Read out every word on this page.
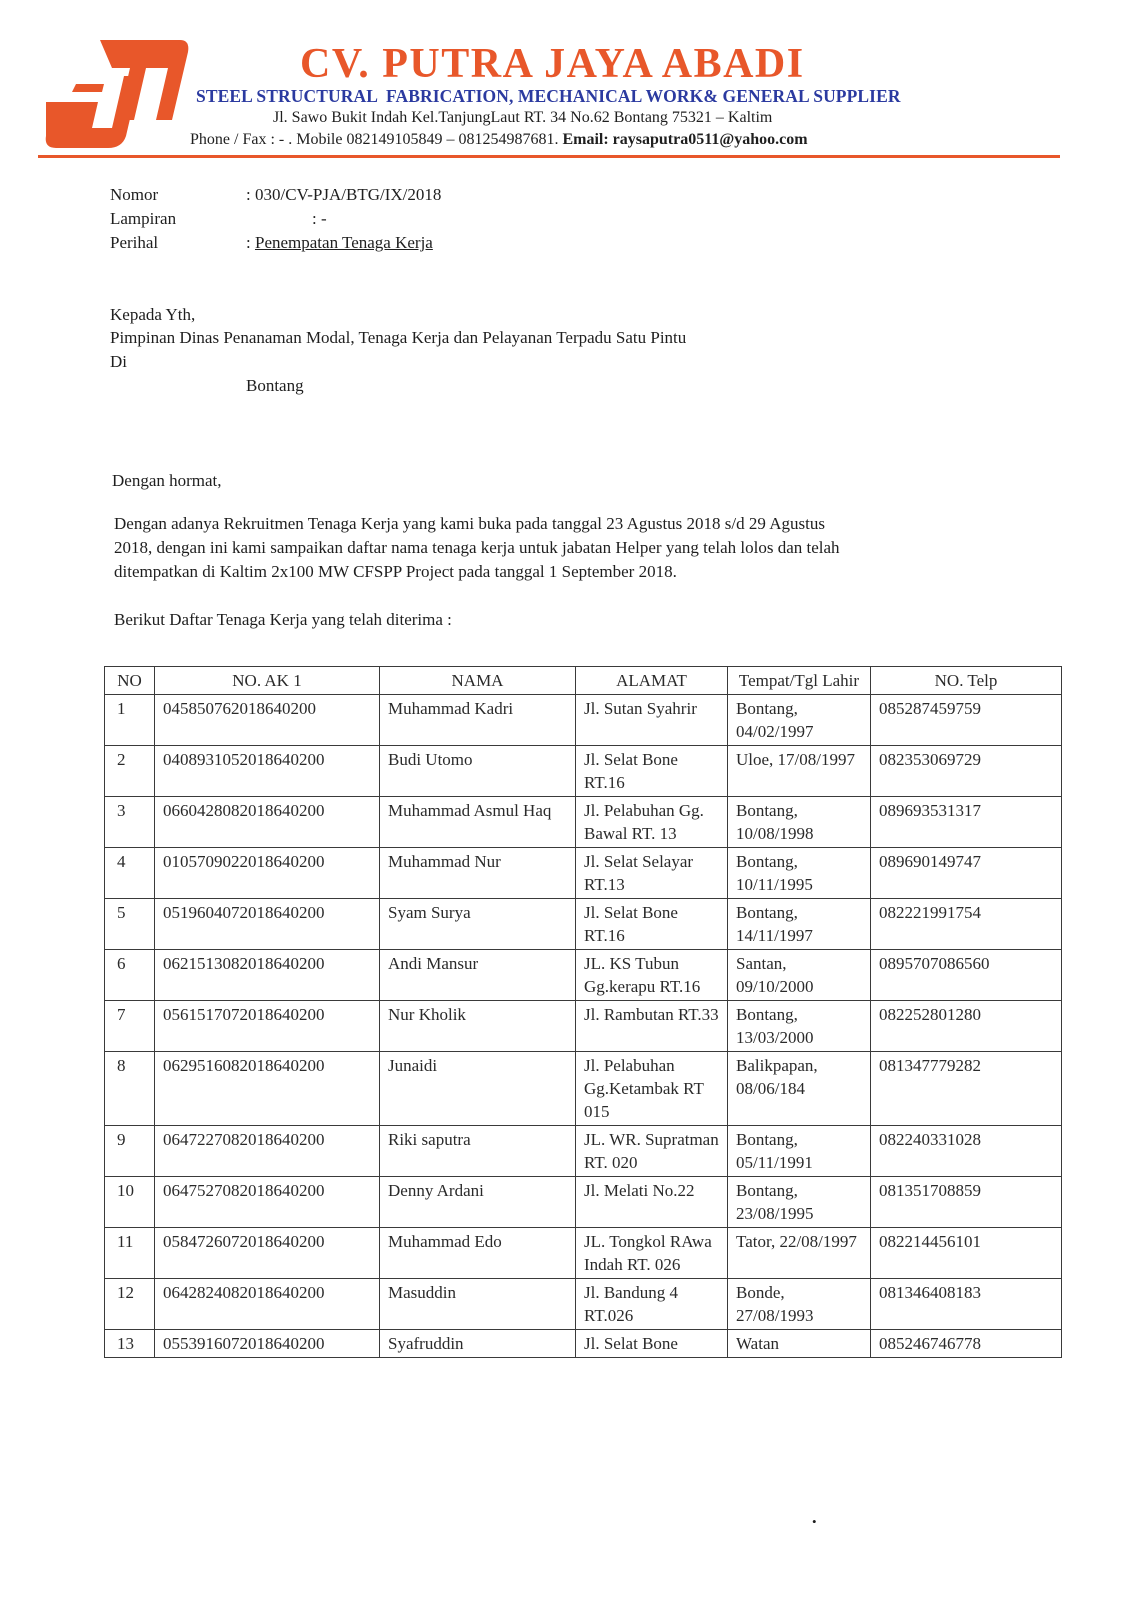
CV. PUTRA JAYA ABADI
STEEL STRUCTURAL  FABRICATION, MECHANICAL WORK& GENERAL SUPPLIER
Jl. Sawo Bukit Indah Kel.TanjungLaut RT. 34 No.62 Bontang 75321 – Kaltim
Phone / Fax : - . Mobile 082149105849 – 081254987681. Email: raysaputra0511@yahoo.com
Nomor	: 030/CV-PJA/BTG/IX/2018
Lampiran	: -
Perihal	: Penempatan Tenaga Kerja
Kepada Yth,
Pimpinan Dinas Penanaman Modal, Tenaga Kerja dan Pelayanan Terpadu Satu Pintu
Di
Bontang
Dengan hormat,
Dengan adanya Rekruitmen Tenaga Kerja yang kami buka pada tanggal 23 Agustus 2018 s/d 29 Agustus
2018, dengan ini kami sampaikan daftar nama tenaga kerja untuk jabatan Helper yang telah lolos dan telah
ditempatkan di Kaltim 2x100 MW CFSPP Project pada tanggal 1 September 2018.
Berikut Daftar Tenaga Kerja yang telah diterima :
NO	NO. AK 1	NAMA	ALAMAT	Tempat/Tgl Lahir	NO. Telp
1	045850762018640200	Muhammad Kadri	Jl. Sutan Syahrir	Bontang, 04/02/1997	085287459759
2	040893105201864020​0	Budi Utomo	Jl. Selat Bone RT.16	Uloe, 17/08/1997	082353069729
3	066042808201864020​0	Muhammad Asmul Haq	Jl. Pelabuhan Gg. Bawal RT. 13	Bontang, 10/08/1998	089693531317
4	010570902201864020​0	Muhammad Nur	Jl. Selat Selayar RT.13	Bontang, 10/11/1995	089690149747
5	051960407201864020​0	Syam Surya	Jl. Selat Bone RT.16	Bontang, 14/11/1997	082221991754
6	062151308201864020​0	Andi Mansur	JL. KS Tubun Gg.kerapu RT.16	Santan, 09/10/2000	0895707086560
7	056151707201864020​0	Nur Kholik	Jl. Rambutan RT.33	Bontang, 13/03/2000	082252801280
8	062951608201864020​0	Junaidi	Jl. Pelabuhan Gg.Ketambak RT 015	Balikpapan, 08/06/184	081347779282
9	064722708201864020​0	Riki saputra	JL. WR. Supratman RT. 020	Bontang, 05/11/1991	082240331028
10	064752708201864020​0	Denny Ardani	Jl. Melati No.22	Bontang, 23/08/1995	081351708859
11	058472607201864020​0	Muhammad Edo	JL. Tongkol RAwa Indah RT. 026	Tator, 22/08/1997	082214456101
12	064282408201864020​0	Masuddin	Jl. Bandung 4 RT.026	Bonde, 27/08/1993	081346408183
13	055391607201864020​0	Syafruddin	Jl. Selat Bone	Watan	085246746778
•
